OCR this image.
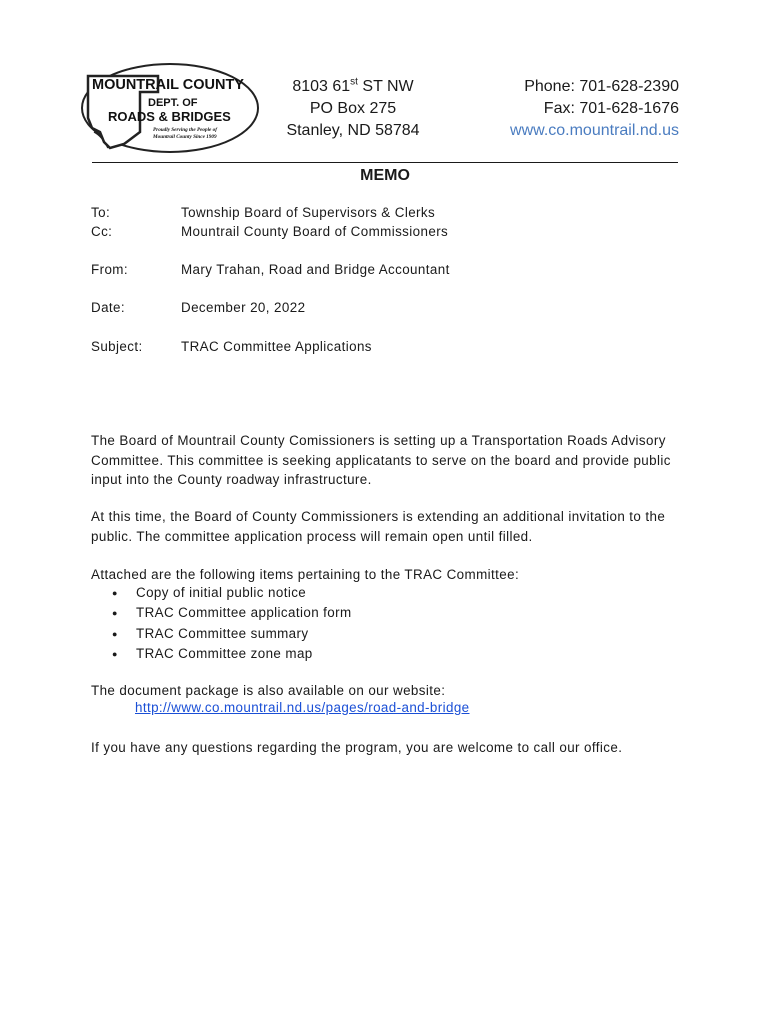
MOUNTRAIL COUNTY
DEPT. OF
ROADS & BRIDGES
Proudly Serving the People of
Mountrail County Since 1909
8103 61st ST NW
PO Box 275
Stanley, ND 58784
Phone: 701-628-2390
Fax: 701-628-1676
www.co.mountrail.nd.us
MEMO
To:	Township Board of Supervisors & Clerks
Cc:	Mountrail County Board of Commissioners
From:	Mary Trahan, Road and Bridge Accountant
Date:	December 20, 2022
Subject:	TRAC Committee Applications

The Board of Mountrail County Comissioners is setting up a Transportation Roads Advisory Committee. This committee is seeking applicatants to serve on the board and provide public input into the County roadway infrastructure.

At this time, the Board of County Commissioners is extending an additional invitation to the public. The committee application process will remain open until filled.

Attached are the following items pertaining to the TRAC Committee:

● Copy of initial public notice
● TRAC Committee application form
● TRAC Committee summary
● TRAC Committee zone map

The document package is also available on our website:

http://www.co.mountrail.nd.us/pages/road-and-bridge

If you have any questions regarding the program, you are welcome to call our office.
